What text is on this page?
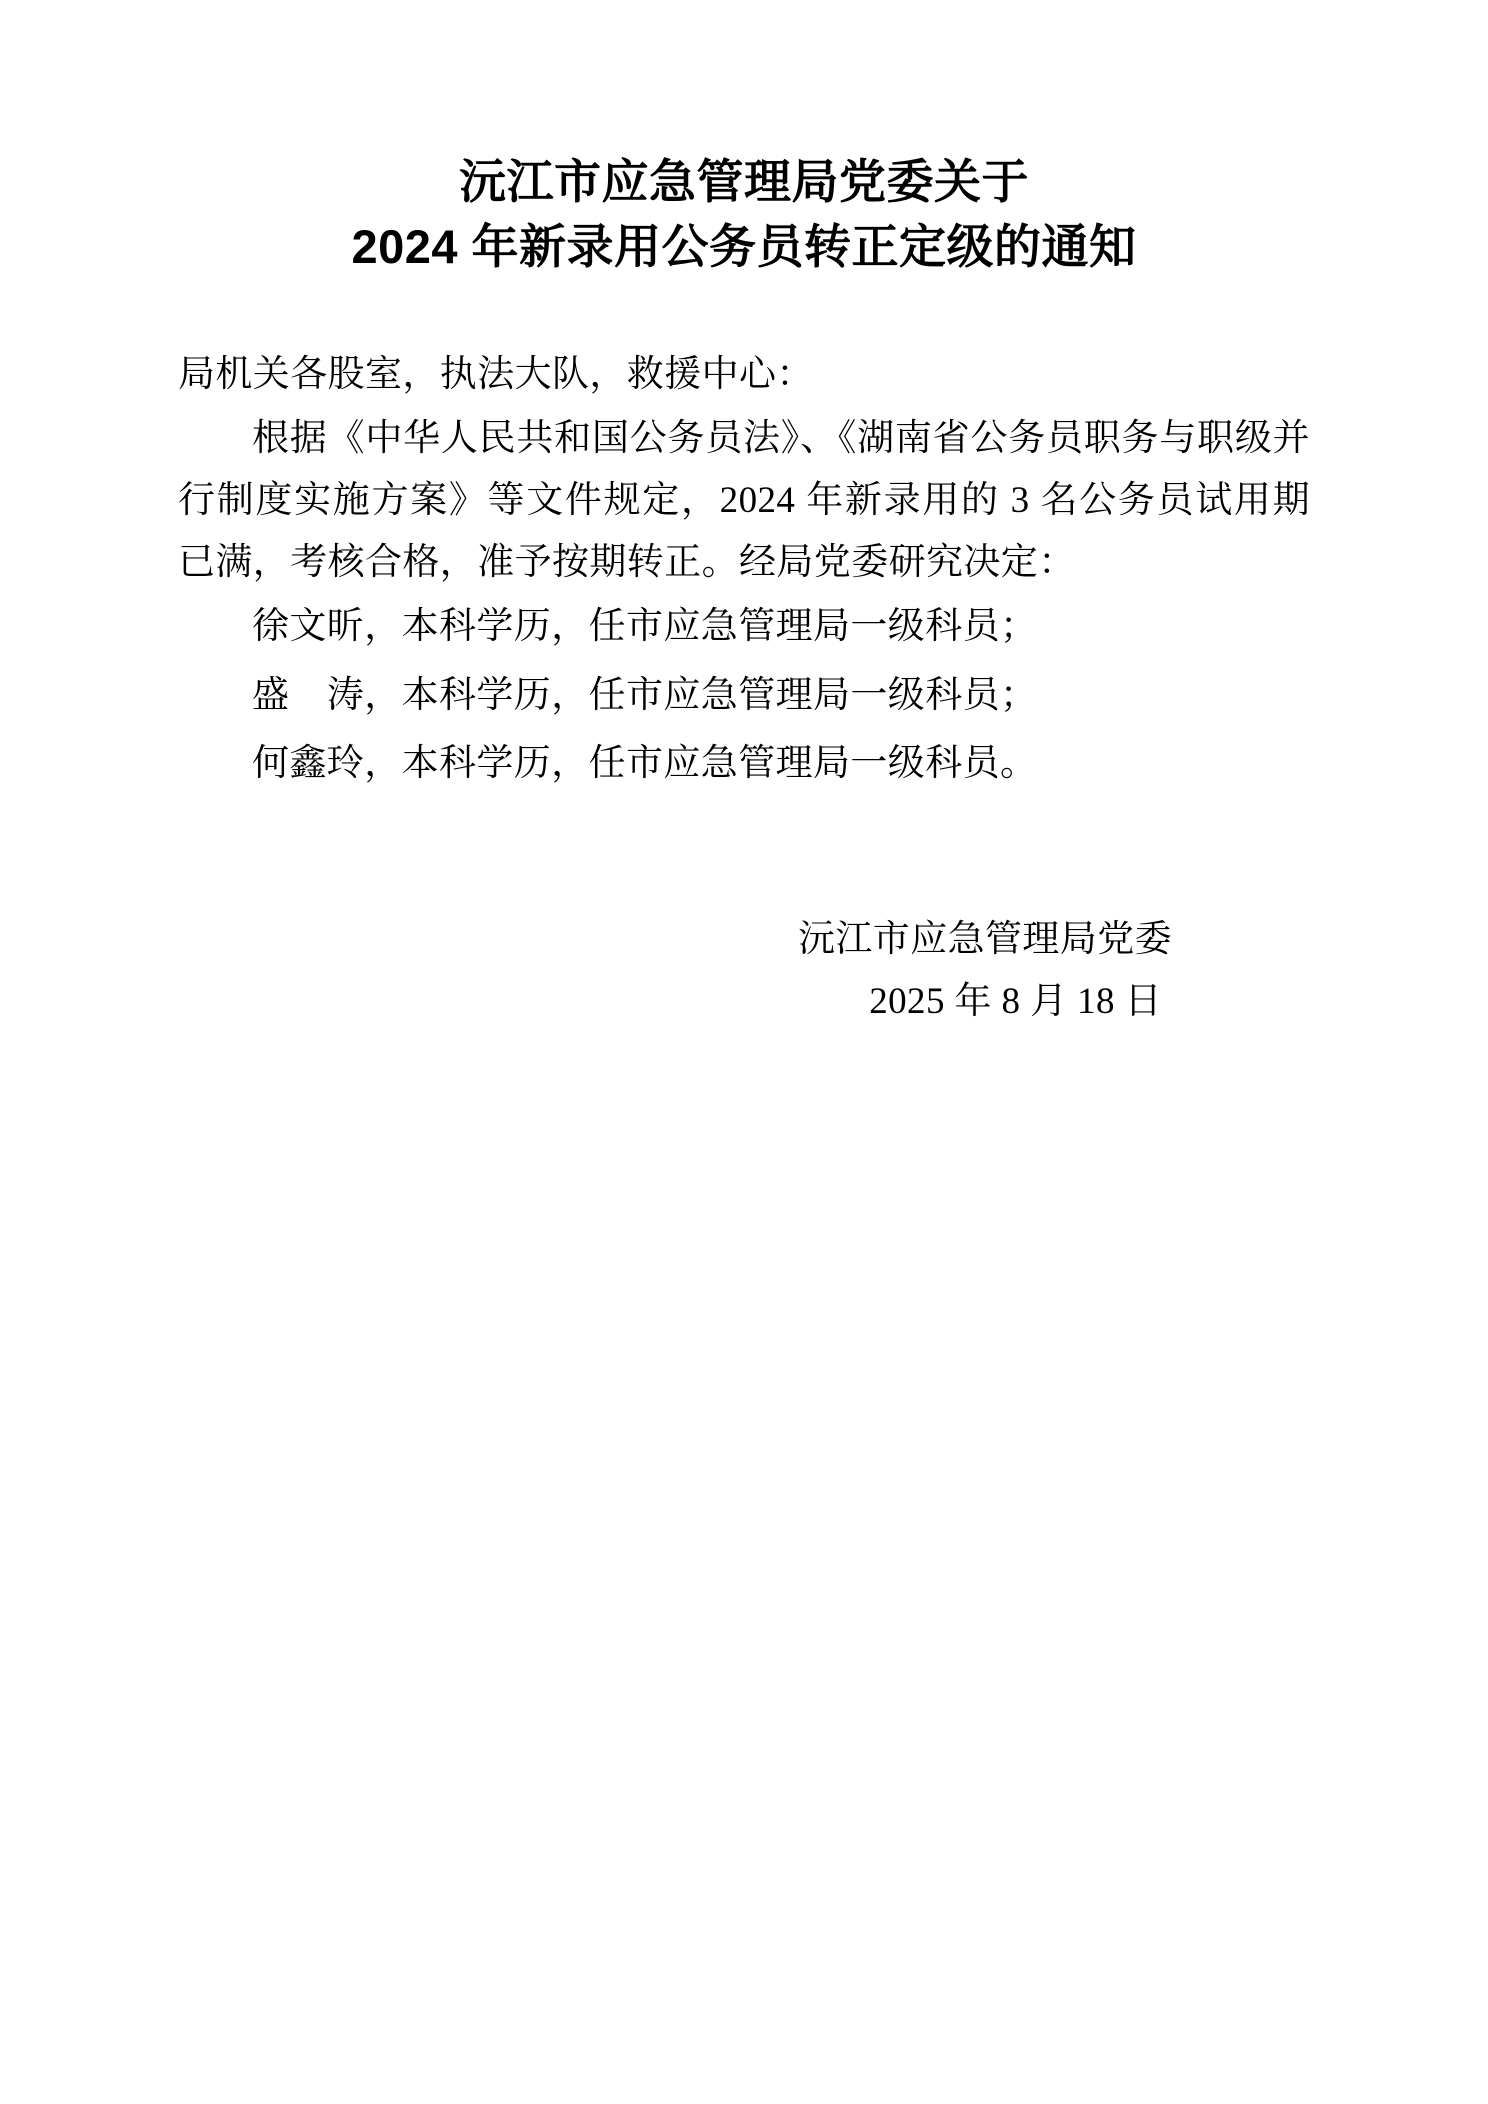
沅江市应急管理局党委关于
2024 年新录用公务员转正定级的通知

局机关各股室，执法大队，救援中心：

根据《中华人民共和国公务员法》、《湖南省公务员职务与职级并行制度实施方案》等文件规定，2024 年新录用的 3 名公务员试用期已满，考核合格，准予按期转正。经局党委研究决定：

徐文昕，本科学历，任市应急管理局一级科员；

盛　涛，本科学历，任市应急管理局一级科员；

何鑫玲，本科学历，任市应急管理局一级科员。

沅江市应急管理局党委
2025 年 8 月 18 日
